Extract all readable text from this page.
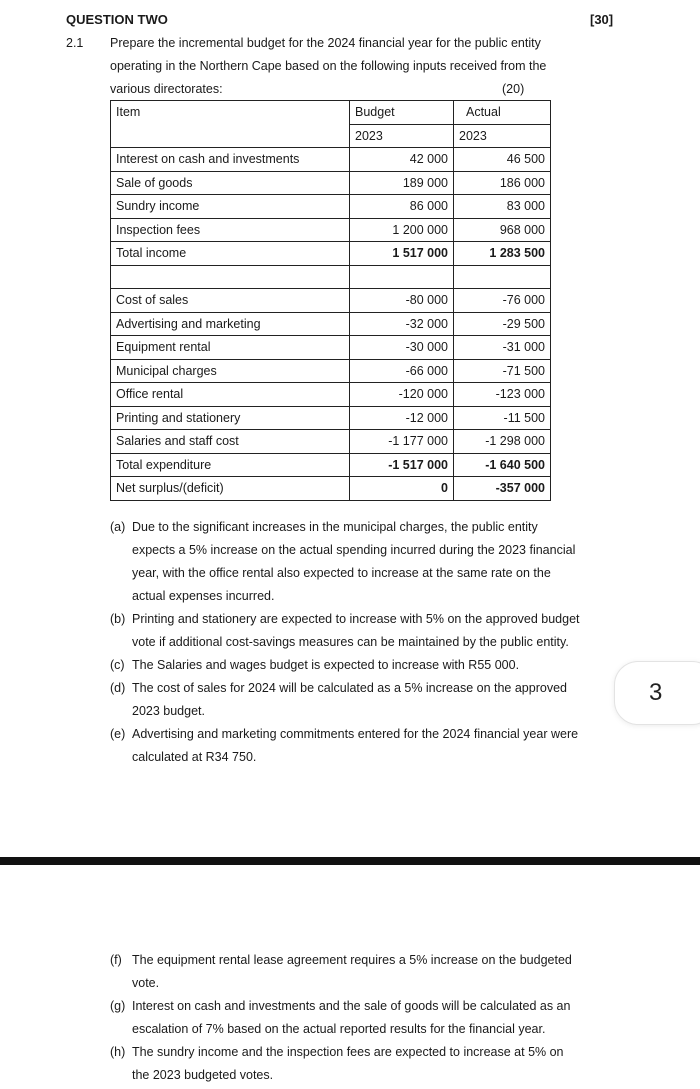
QUESTION TWO	[30]
2.1 Prepare the incremental budget for the 2024 financial year for the public entity
operating in the Northern Cape based on the following inputs received from the
various directorates:	(20)
Item	Budget	Actual
	2023	2023
Interest on cash and investments	42 000	46 500
Sale of goods	189 000	186 000
Sundry income	86 000	83 000
Inspection fees	1 200 000	968 000
Total income	1 517 000	1 283 500

Cost of sales	-80 000	-76 000
Advertising and marketing	-32 000	-29 500
Equipment rental	-30 000	-31 000
Municipal charges	-66 000	-71 500
Office rental	-120 000	-123 000
Printing and stationery	-12 000	-11 500
Salaries and staff cost	-1 177 000	-1 298 000
Total expenditure	-1 517 000	-1 640 500
Net surplus/(deficit)	0	-357 000
(a) Due to the significant increases in the municipal charges, the public entity
expects a 5% increase on the actual spending incurred during the 2023 financial
year, with the office rental also expected to increase at the same rate on the
actual expenses incurred.
(b) Printing and stationery are expected to increase with 5% on the approved budget
vote if additional cost-savings measures can be maintained by the public entity.
(c) The Salaries and wages budget is expected to increase with R55 000.
(d) The cost of sales for 2024 will be calculated as a 5% increase on the approved
2023 budget.
(e) Advertising and marketing commitments entered for the 2024 financial year were
calculated at R34 750.
3
(f) The equipment rental lease agreement requires a 5% increase on the budgeted
vote.
(g) Interest on cash and investments and the sale of goods will be calculated as an
escalation of 7% based on the actual reported results for the financial year.
(h) The sundry income and the inspection fees are expected to increase at 5% on
the 2023 budgeted votes.
